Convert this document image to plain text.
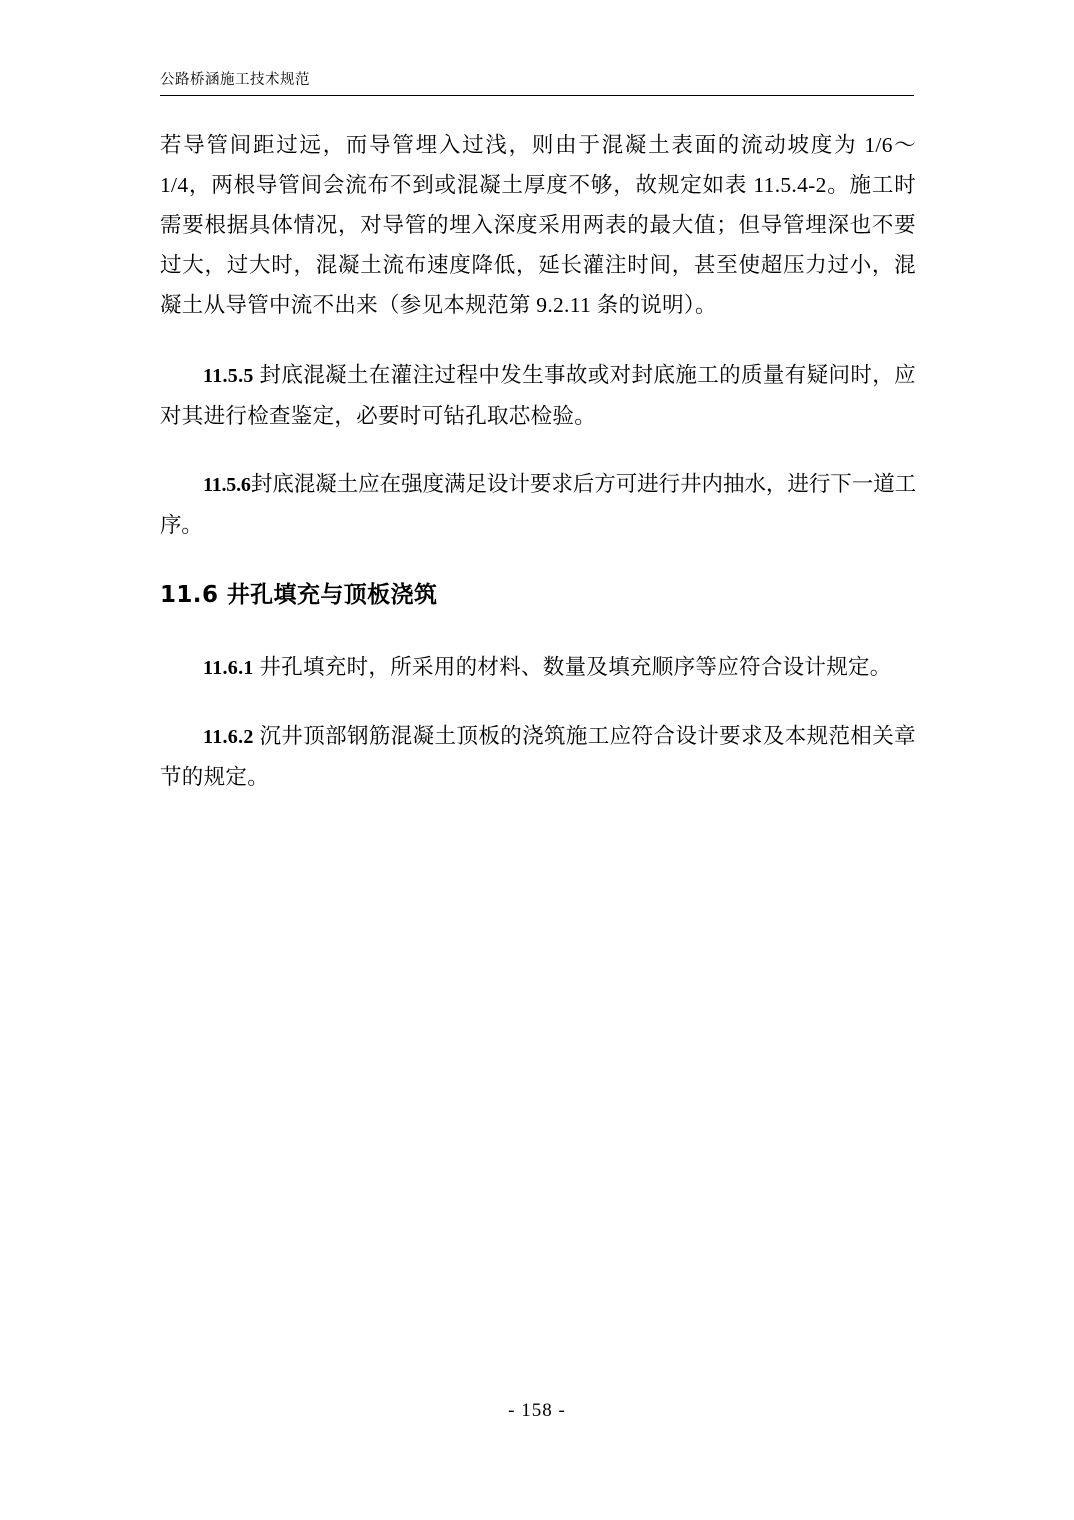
公路桥涵施工技术规范

若导管间距过远，而导管埋入过浅，则由于混凝土表面的流动坡度为 1/6～1/4，两根导管间会流布不到或混凝土厚度不够，故规定如表 11.5.4-2。施工时需要根据具体情况，对导管的埋入深度采用两表的最大值；但导管埋深也不要过大，过大时，混凝土流布速度降低，延长灌注时间，甚至使超压力过小，混凝土从导管中流不出来（参见本规范第 9.2.11 条的说明）。

11.5.5 封底混凝土在灌注过程中发生事故或对封底施工的质量有疑问时，应对其进行检查鉴定，必要时可钻孔取芯检验。

11.5.6封底混凝土应在强度满足设计要求后方可进行井内抽水，进行下一道工序。

11.6 井孔填充与顶板浇筑

11.6.1 井孔填充时，所采用的材料、数量及填充顺序等应符合设计规定。

11.6.2 沉井顶部钢筋混凝土顶板的浇筑施工应符合设计要求及本规范相关章节的规定。

- 158 -
